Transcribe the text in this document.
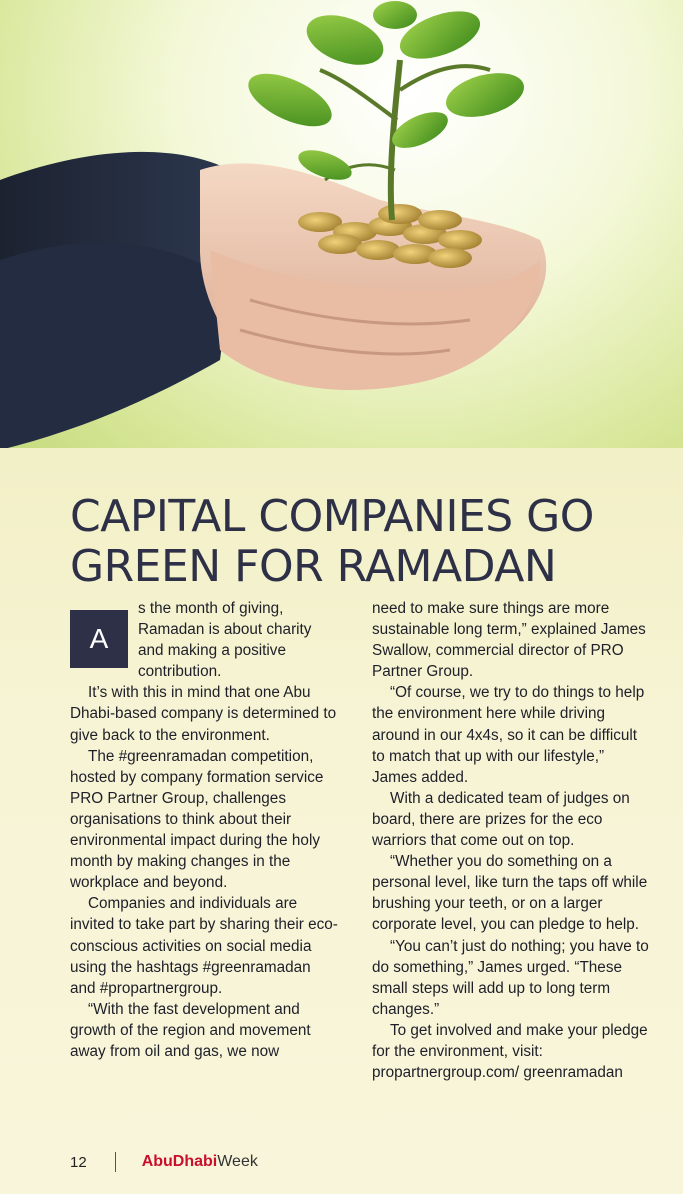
CAPITAL COMPANIES GO GREEN FOR RAMADAN
A

s the month of giving, Ramadan is about charity and making a positive contribution.

It’s with this in mind that one Abu Dhabi-based company is determined to give back to the environment.

The #greenramadan competition, hosted by company formation service PRO Partner Group, challenges organisations to think about their environmental impact during the holy month by making changes in the workplace and beyond.

Companies and individuals are invited to take part by sharing their eco-conscious activities on social media using the hashtags #greenramadan and #propartnergroup.

“With the fast development and growth of the region and movement away from oil and gas, we now

need to make sure things are more sustainable long term,” explained James Swallow, commercial director of PRO Partner Group.

“Of course, we try to do things to help the environment here while driving around in our 4x4s, so it can be difficult to match that up with our lifestyle,” James added.

With a dedicated team of judges on board, there are prizes for the eco warriors that come out on top.

“Whether you do something on a personal level, like turn the taps off while brushing your teeth, or on a larger corporate level, you can pledge to help.

“You can’t just do nothing; you have to do something,” James urged. “These small steps will add up to long term changes.”

To get involved and make your pledge for the environment, visit: propartnergroup.com/ greenramadan

12	AbuDhabiWeek
